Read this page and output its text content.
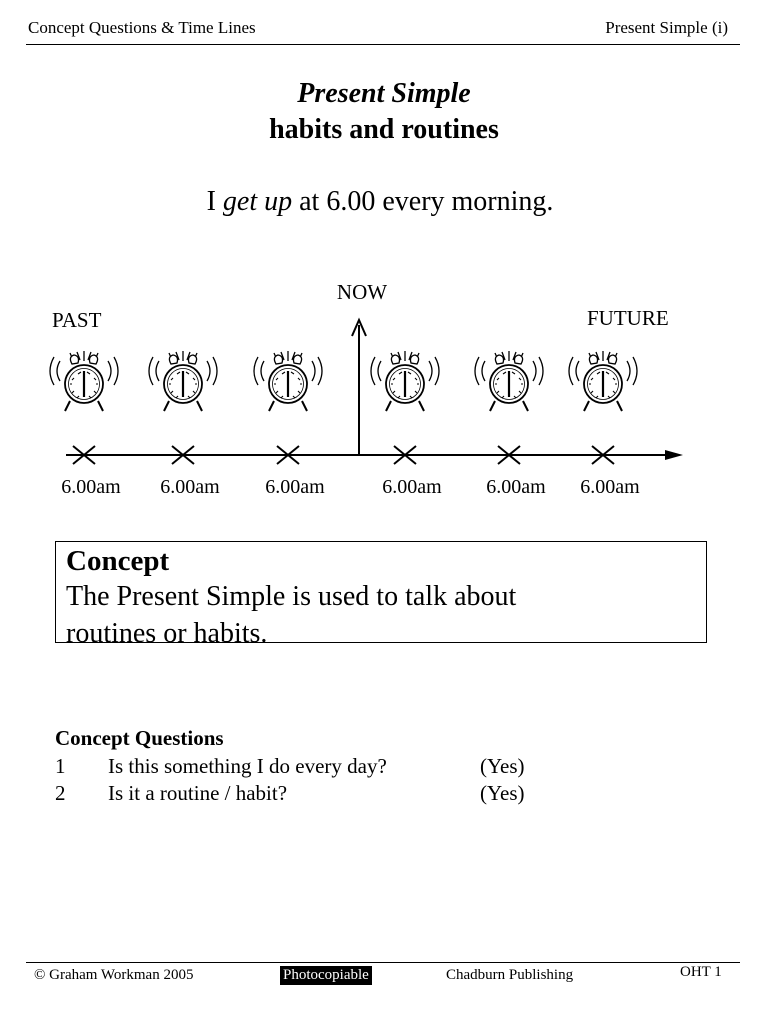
Concept Questions & Time Lines	Present Simple (i)
Present Simple
habits and routines
I get up at 6.00 every morning.
NOW
PAST	FUTURE
6.00am 6.00am 6.00am	6.00am 6.00am 6.00am
Concept
The Present Simple is used to talk about
routines or habits.
Concept Questions
1 Is this something I do every day?	(Yes)
2 Is it a routine / habit?	(Yes)
© Graham Workman 2005	Photocopiable	Chadburn Publishing	OHT 1
